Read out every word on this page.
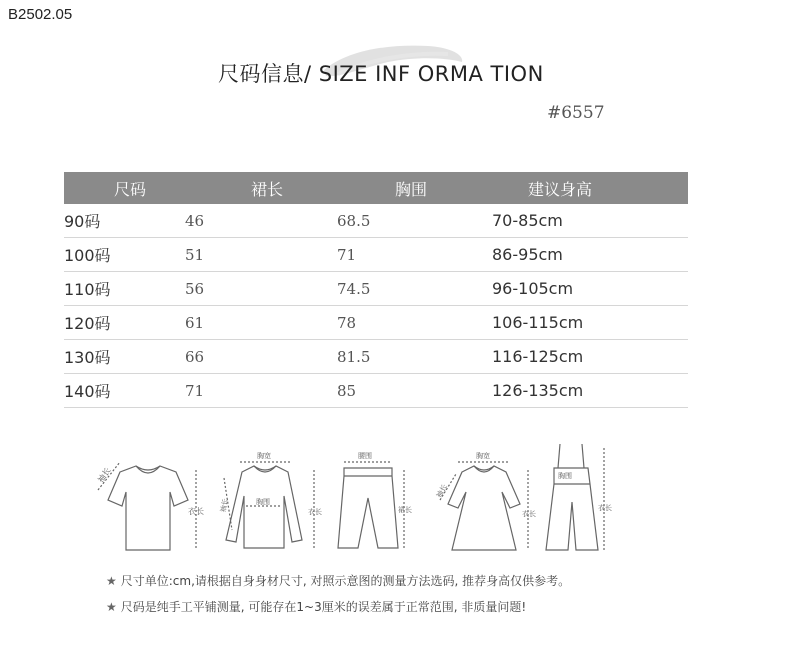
B2502.05
尺码信息/ SIZE INF ORMA TION
#6557
尺码	裙长	胸围	建议身高
90码	46	68.5	70-85cm
100码	51	71	86-95cm
110码	56	74.5	96-105cm
120码	61	78	106-115cm
130码	66	81.5	116-125cm
140码	71	85	126-135cm
袖长
衣长
胸宽
胸围
袖长	衣长
腰围
裙长
胸宽
袖长
衣长
胸围
衣长
★ 尺寸单位:cm,请根据自身身材尺寸, 对照示意图的测量方法选码, 推荐身高仅供参考。
★ 尺码是纯手工平铺测量, 可能存在1~3厘米的误差属于正常范围, 非质量问题!
